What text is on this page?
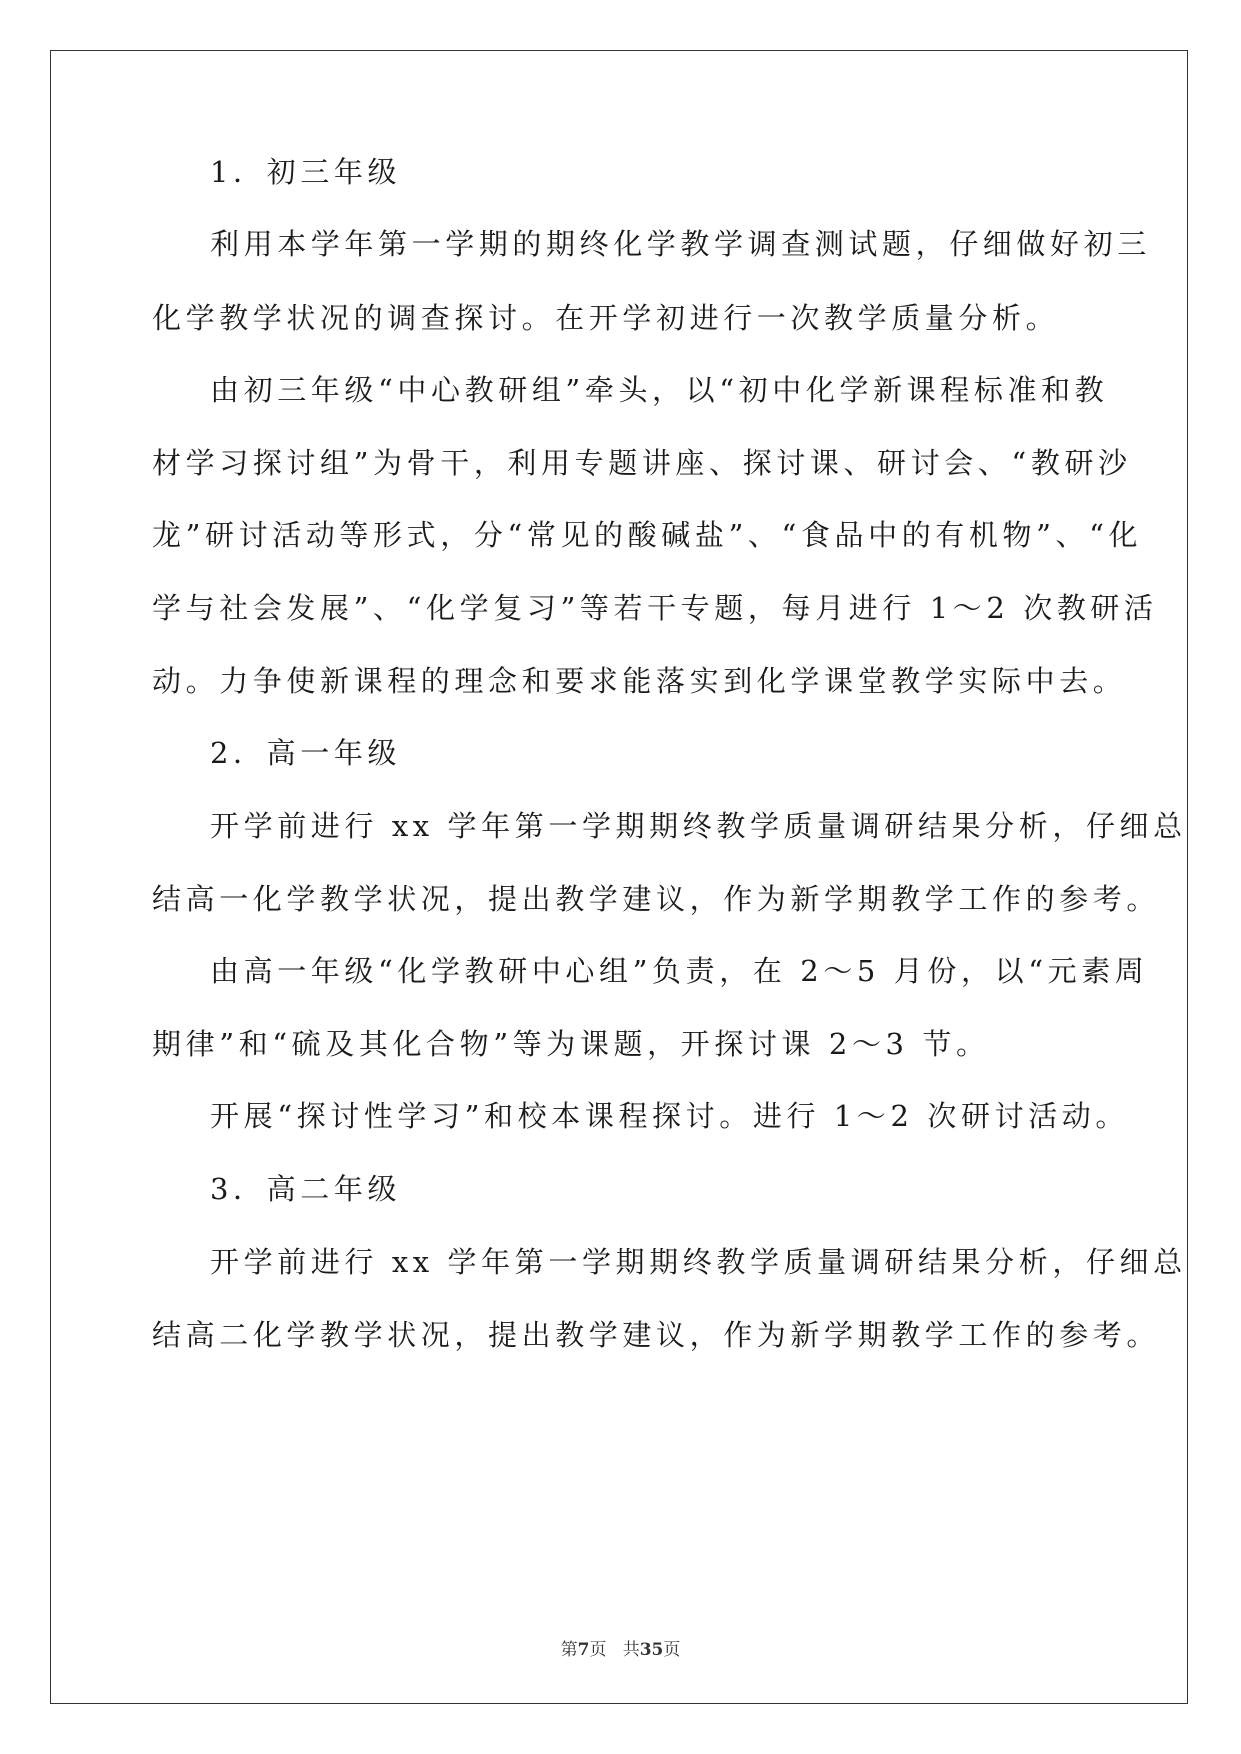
1．初三年级
利用本学年第一学期的期终化学教学调查测试题，仔细做好初三
化学教学状况的调查探讨。在开学初进行一次教学质量分析。
由初三年级“中心教研组”牵头，以“初中化学新课程标准和教
材学习探讨组”为骨干，利用专题讲座、探讨课、研讨会、“教研沙
龙”研讨活动等形式，分“常见的酸碱盐”、“食品中的有机物”、“化
学与社会发展”、“化学复习”等若干专题，每月进行 1～2 次教研活
动。力争使新课程的理念和要求能落实到化学课堂教学实际中去。
2．高一年级
开学前进行 xx 学年第一学期期终教学质量调研结果分析，仔细总
结高一化学教学状况，提出教学建议，作为新学期教学工作的参考。
由高一年级“化学教研中心组”负责，在 2～5 月份，以“元素周
期律”和“硫及其化合物”等为课题，开探讨课 2～3 节。
开展“探讨性学习”和校本课程探讨。进行 1～2 次研讨活动。
3．高二年级
开学前进行 xx 学年第一学期期终教学质量调研结果分析，仔细总
结高二化学教学状况，提出教学建议，作为新学期教学工作的参考。
第7页 共35页
